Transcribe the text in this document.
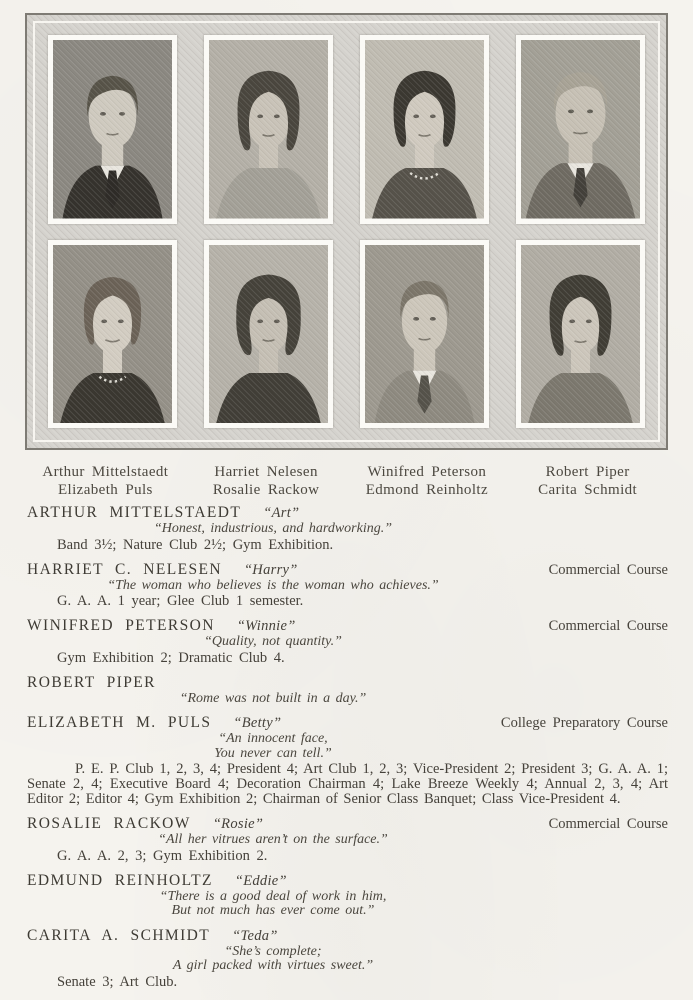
Arthur Mittelstaedt	Harriet Nelesen	Winifred Peterson	Robert Piper
Elizabeth Puls	Rosalie Rackow	Edmond Reinholtz	Carita Schmidt
ARTHUR MITTELSTAEDT “Art”
“Honest, industrious, and hardworking.”
Band 3½; Nature Club 2½; Gym Exhibition.
HARRIET C. NELESEN “Harry”	Commercial Course
“The woman who believes is the woman who achieves.”
G. A. A. 1 year; Glee Club 1 semester.
WINIFRED PETERSON “Winnie”	Commercial Course
“Quality, not quantity.”
Gym Exhibition 2; Dramatic Club 4.
ROBERT PIPER
“Rome was not built in a day.”
ELIZABETH M. PULS “Betty”	College Preparatory Course
“An innocent face,
You never can tell.”
P. E. P. Club 1, 2, 3, 4; President 4; Art Club 1, 2, 3; Vice-President 2; President 3; G. A. A. 1; Senate 2, 4; Executive Board 4; Decoration Chairman 4; Lake Breeze Weekly 4; Annual 2, 3, 4; Art Editor 2; Editor 4; Gym Exhibition 2; Chairman of Senior Class Banquet; Class Vice-President 4.
ROSALIE RACKOW “Rosie”	Commercial Course
“All her vitrues aren’t on the surface.”
G. A. A. 2, 3; Gym Exhibition 2.
EDMUND REINHOLTZ “Eddie”
“There is a good deal of work in him,
But not much has ever come out.”
CARITA A. SCHMIDT “Teda”
“She’s complete;
A girl packed with virtues sweet.”
Senate 3; Art Club.
